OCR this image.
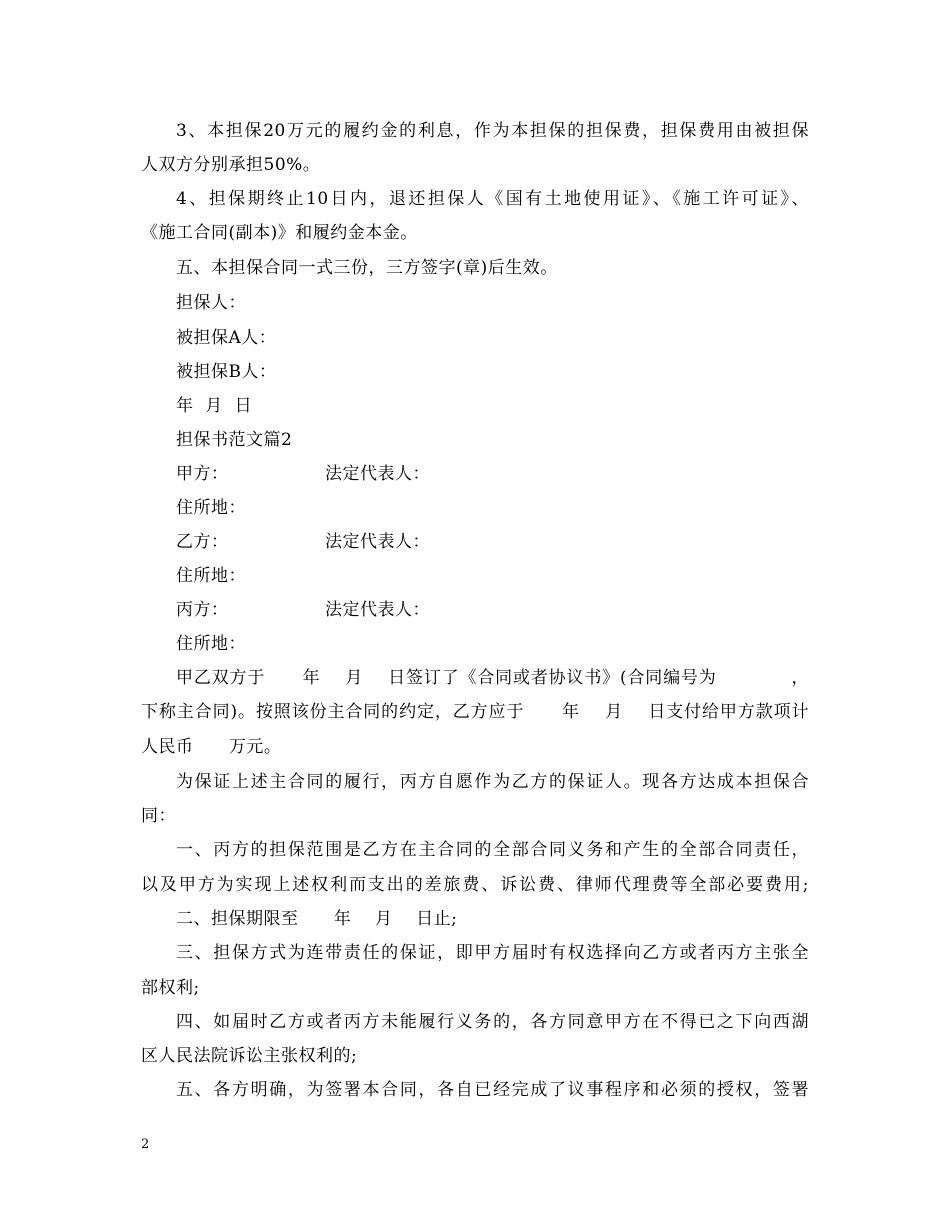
3、本担保20万元的履约金的利息，作为本担保的担保费，担保费用由被担保
人双方分别承担50%。
4、担保期终止10日内，退还担保人《国有土地使用证》、《施工许可证》、
《施工合同(副本)》和履约金本金。
五、本担保合同一式三份，三方签字(章)后生效。
担保人：
被担保A人：
被担保B人：
年  月  日
担保书范文篇2
甲方：	法定代表人：
住所地：
乙方：	法定代表人：
住所地：
丙方：	法定代表人：
住所地：
甲乙双方于      年    月    日签订了《合同或者协议书》(合同编号为            ，
下称主合同)。按照该份主合同的约定，乙方应于      年    月    日支付给甲方款项计
人民币      万元。
为保证上述主合同的履行，丙方自愿作为乙方的保证人。现各方达成本担保合
同：
一、丙方的担保范围是乙方在主合同的全部合同义务和产生的全部合同责任，
以及甲方为实现上述权利而支出的差旅费、诉讼费、律师代理费等全部必要费用;
二、担保期限至      年    月    日止;
三、担保方式为连带责任的保证，即甲方届时有权选择向乙方或者丙方主张全
部权利;
四、如届时乙方或者丙方未能履行义务的，各方同意甲方在不得已之下向西湖
区人民法院诉讼主张权利的;
五、各方明确，为签署本合同，各自已经完成了议事程序和必须的授权，签署
2
